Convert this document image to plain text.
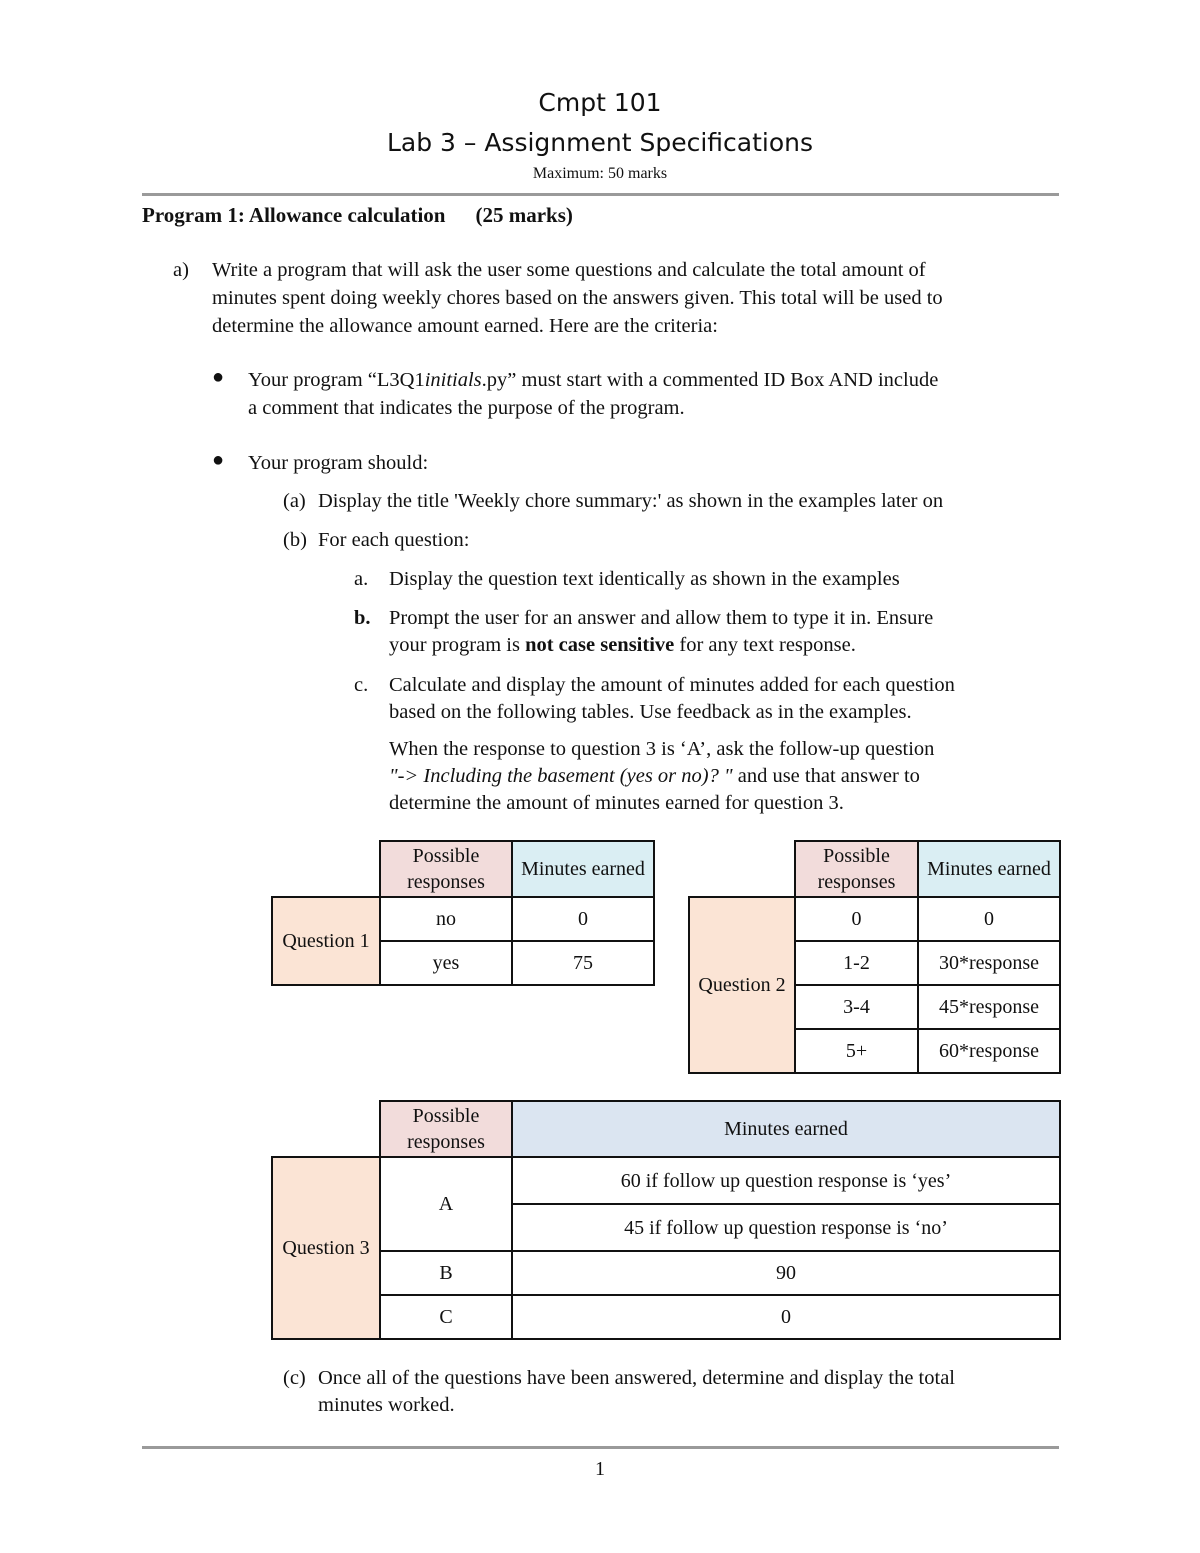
Cmpt 101
Lab 3 – Assignment Specifications
Maximum: 50 marks
Program 1: Allowance calculation (25 marks)
a) Write a program that will ask the user some questions and calculate the total amount of
minutes spent doing weekly chores based on the answers given. This total will be used to
determine the allowance amount earned. Here are the criteria:
● Your program “L3Q1initials.py” must start with a commented ID Box AND include
a comment that indicates the purpose of the program.
● Your program should:
(a) Display the title 'Weekly chore summary:' as shown in the examples later on
(b) For each question:
a. Display the question text identically as shown in the examples
b. Prompt the user for an answer and allow them to type it in. Ensure
your program is not case sensitive for any text response.
c. Calculate and display the amount of minutes added for each question
based on the following tables. Use feedback as in the examples.
When the response to question 3 is ‘A’, ask the follow-up question
"-> Including the basement (yes or no)? " and use that answer to
determine the amount of minutes earned for question 3.
	Possible responses	Minutes earned
Question 1	no	0
	yes	75
	Possible responses	Minutes earned
Question 2	0	0
	1-2	30*response
	3-4	45*response
	5+	60*response
	Possible responses	Minutes earned
Question 3	A	60 if follow up question response is ‘yes’
		45 if follow up question response is ‘no’
	B	90
	C	0
(c) Once all of the questions have been answered, determine and display the total
minutes worked.
1
